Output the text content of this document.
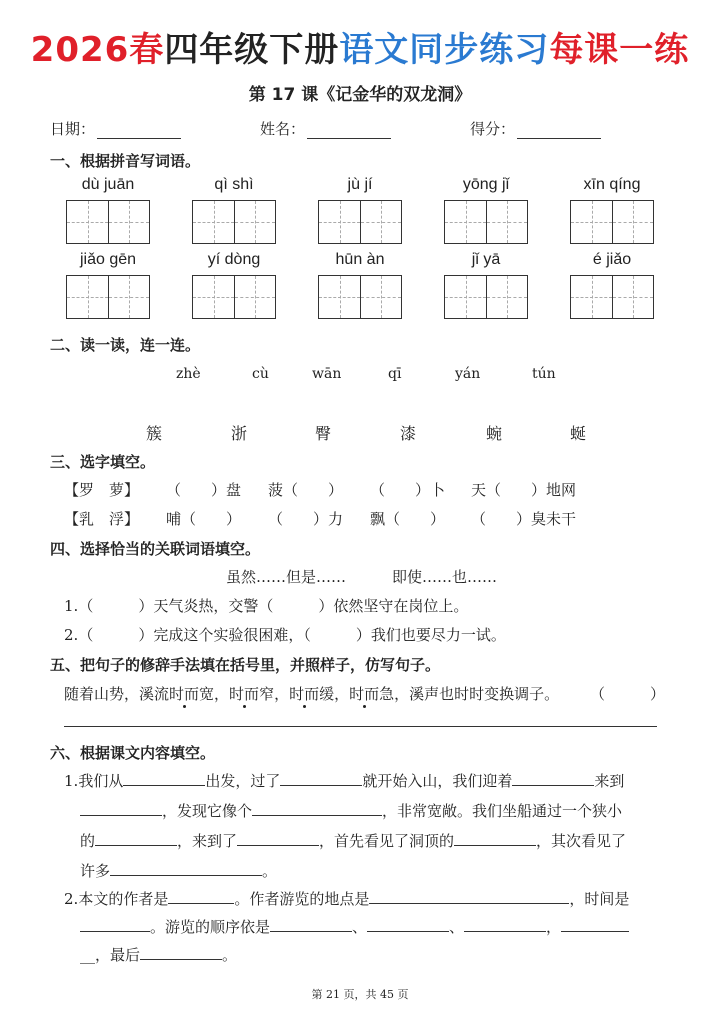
2026春四年级下册语文同步练习每课一练
第 17 课《记金华的双龙洞》
日期：	姓名：	得分：
一、根据拼音写词语。
dù juān	qì shì	jù jí	yōng jǐ	xīn qíng
jiǎo gēn	yí dòng	hūn àn	jǐ yā	é jiǎo
二、读一读，连一连。
zhè	cù	wān	qī	yán	tún
簇	浙	臀	漆	蜿	蜒
三、选字填空。
【罗　萝】 （　　）盘 菠（　　） （　　）卜 天（　　）地网
【乳　浮】 哺（　　） （　　）力 飘（　　） （　　）臭未干
四、选择恰当的关联词语填空。
虽然……但是……	即使……也……
1.（　　　）天气炎热，交警（　　　）依然坚守在岗位上。
2.（　　　）完成这个实验很困难，（　　　）我们也要尽力一试。
五、把句子的修辞手法填在括号里，并照样子，仿写句子。
随着山势，溪流时而宽，时而窄，时而缓，时而急，溪声也时时变换调子。 （　　　）
六、根据课文内容填空。
1.我们从	出发，过了	就开始入山，我们迎着	来到
，发现它像个	，非常宽敞。我们坐船通过一个狭小
的	，来到了	，首先看见了洞顶的	，其次看见了
许多	。
2.本文的作者是	。作者游览的地点是	，时间是
。游览的顺序依是	、	、	，
__，最后	。
第 21 页，共 45 页
